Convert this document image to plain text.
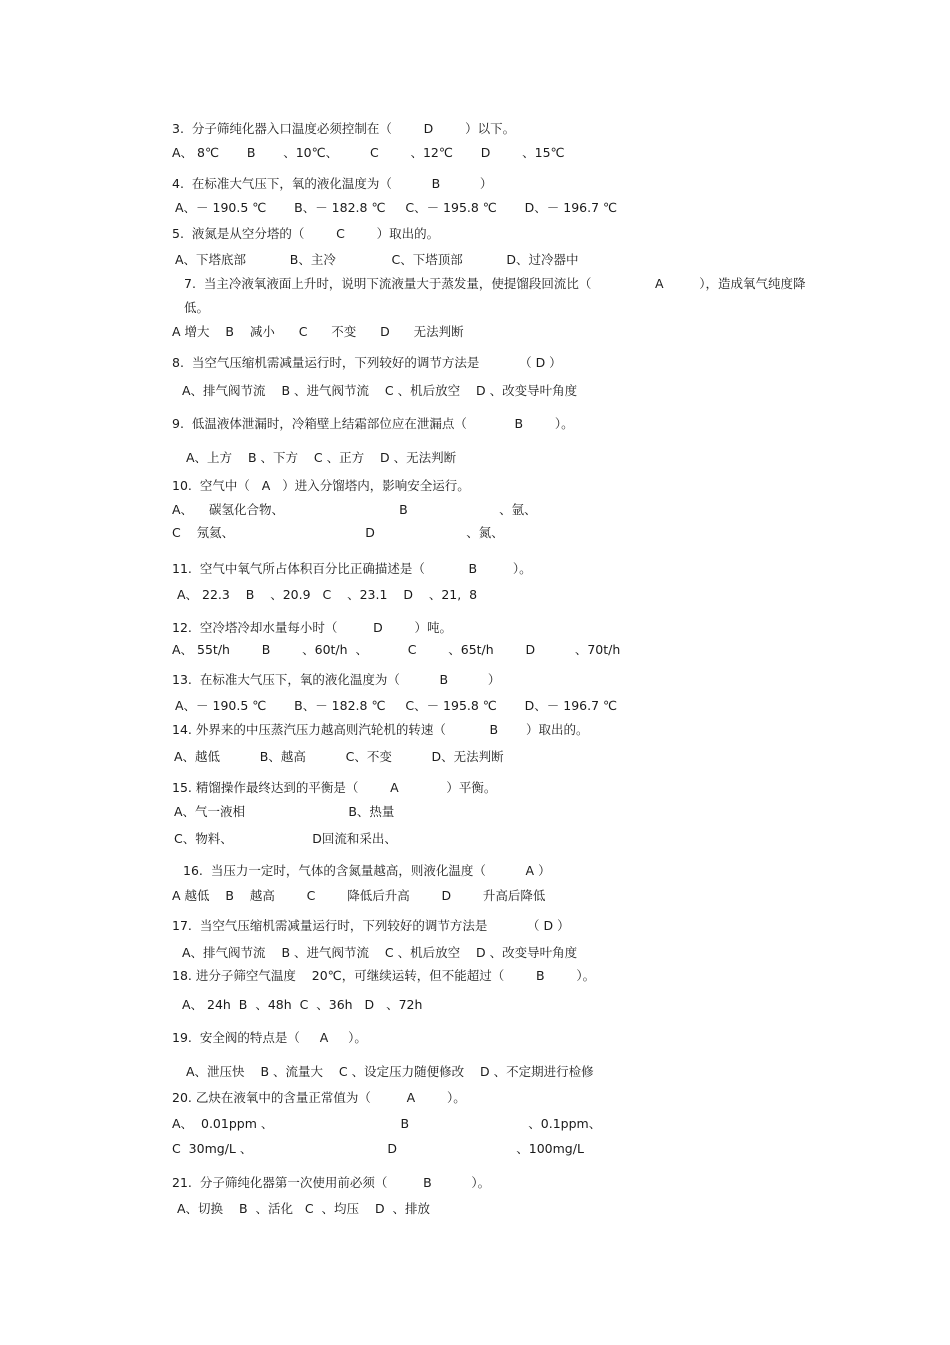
3.  分子筛纯化器入口温度必须控制在（        D        ）以下。
A、 8℃       B       、10℃、        C        、12℃       D        、15℃
4.  在标准大气压下，氧的液化温度为（          B          ）
A、－ 190.5 ℃       B、－ 182.8 ℃     C、－ 195.8 ℃       D、－ 196.7 ℃
5.  液氮是从空分塔的（        C        ）取出的。
A、下塔底部           B、主冷              C、下塔顶部           D、过冷器中
7.  当主冷液氧液面上升时，说明下流液量大于蒸发量，使提馏段回流比（                A         ），造成氧气纯度降
低。
A 增大    B    减小      C      不变      D      无法判断
8.  当空气压缩机需减量运行时，下列较好的调节方法是          （ D ）
A、排气阀节流    B 、进气阀节流    C 、机后放空    D 、改变导叶角度
9.  低温液体泄漏时，冷箱壁上结霜部位应在泄漏点（            B        ）。
A、上方    B 、下方    C 、正方    D 、无法判断
10.  空气中（   A   ）进入分馏塔内，影响安全运行。
A、    碳氢化合物、                             B                       、氩、
C    氖氦、                                 D                       、氮、
11.  空气中氧气所占体积百分比正确描述是（           B         ）。
A、 22.3    B    、20.9   C    、23.1    D    、21,  8
12.  空冷塔冷却水量每小时（         D        ）吨。
A、 55t/h        B        、60t/h  、          C        、65t/h        D          、70t/h
13.  在标准大气压下，氧的液化温度为（          B          ）
A、－ 190.5 ℃       B、－ 182.8 ℃     C、－ 195.8 ℃       D、－ 196.7 ℃
14. 外界来的中压蒸汽压力越高则汽轮机的转速（           B       ）取出的。
A、越低          B、越高          C、不变          D、无法判断
15. 精馏操作最终达到的平衡是（        A            ）平衡。
A、气一液相                          B、热量
C、物料、                    D回流和采出、
16.  当压力一定时，气体的含氮量越高，则液化温度（          A ）
A 越低    B    越高        C        降低后升高        D        升高后降低
17.  当空气压缩机需减量运行时，下列较好的调节方法是          （ D ）
A、排气阀节流    B 、进气阀节流    C 、机后放空    D 、改变导叶角度
18. 进分子筛空气温度    20℃，可继续运转，但不能超过（        B        ）。
A、 24h  B  、48h  C  、36h   D   、72h
19.  安全阀的特点是（     A     ）。
A、泄压快    B 、流量大    C 、设定压力随便修改    D 、不定期进行检修
20. 乙炔在液氧中的含量正常值为（         A        ）。
A、  0.01ppm 、                                B                              、0.1ppm、
C  30mg/L 、                                  D                              、100mg/L
21.  分子筛纯化器第一次使用前必须（         B          ）。
A、切换    B  、活化   C  、均压    D  、排放
